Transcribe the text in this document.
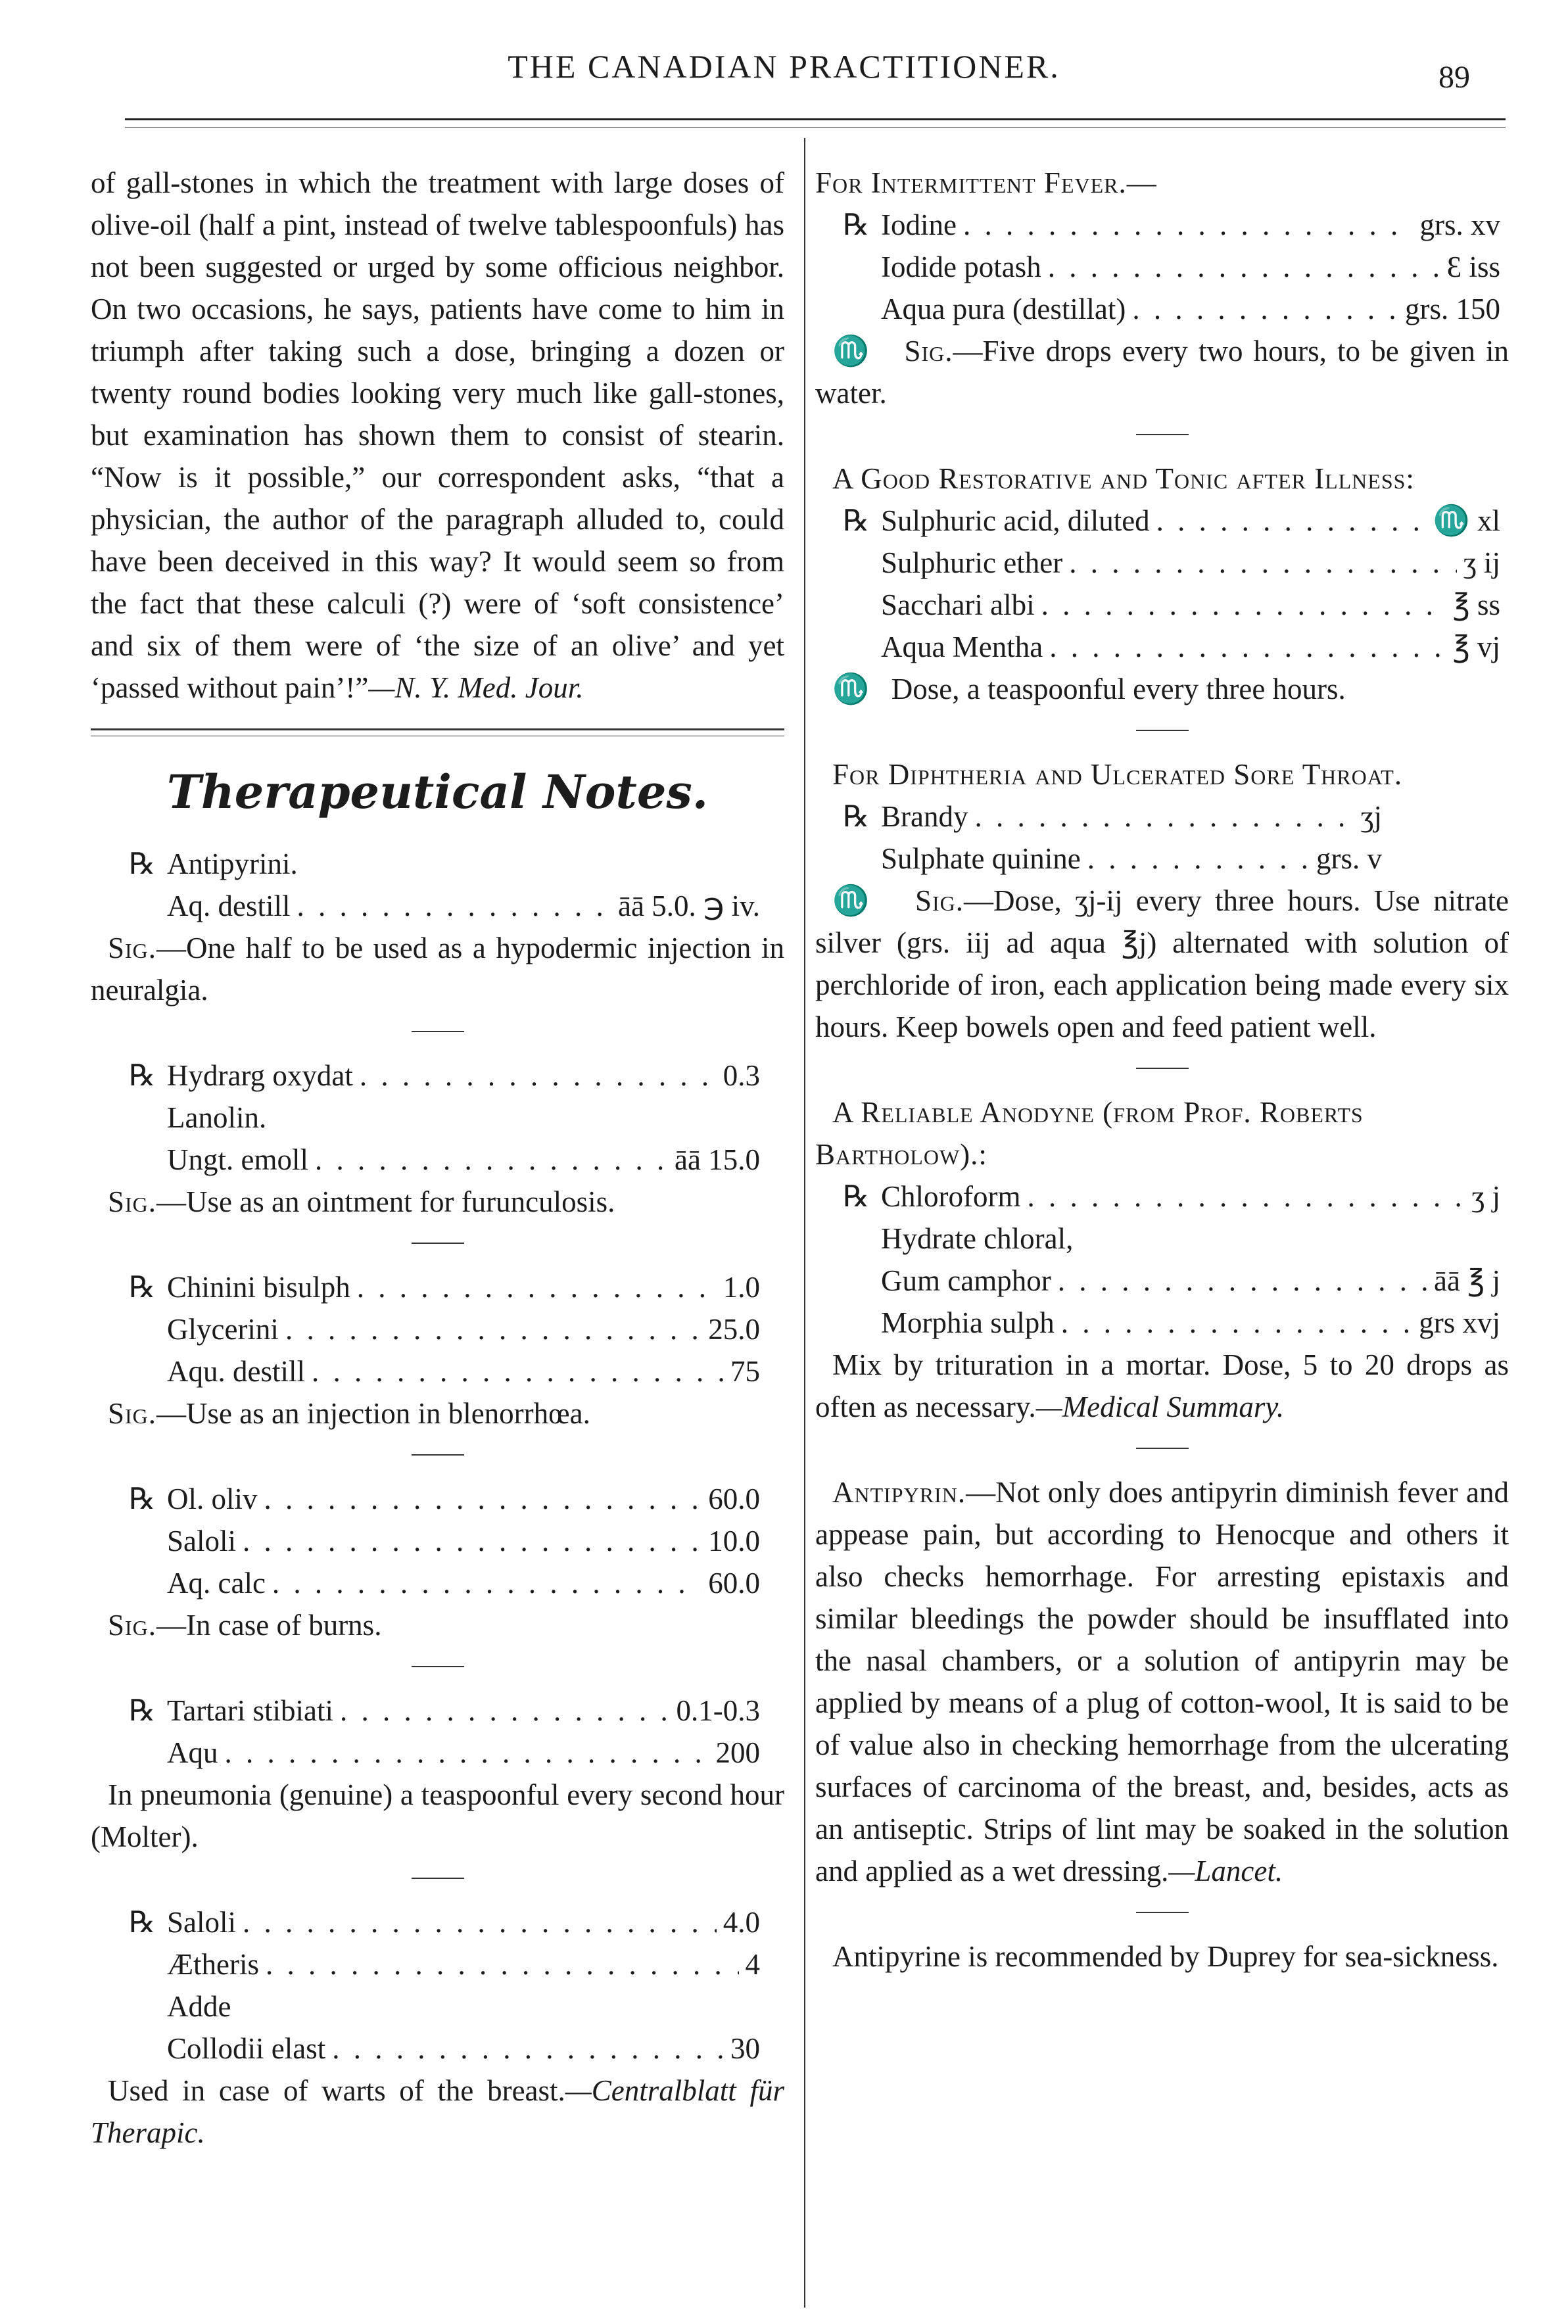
THE CANADIAN PRACTITIONER.	89

of gall-stones in which the treatment with large doses of olive-oil (half a pint, instead of twelve tablespoonfuls) has not been suggested or urged by some officious neighbor. On two occasions, he says, patients have come to him in triumph after taking such a dose, bringing a dozen or twenty round bodies looking very much like gall-stones, but examination has shown them to consist of stearin. “Now is it possible,” our correspondent asks, “that a physician, the author of the paragraph alluded to, could have been deceived in this way? It would seem so from the fact that these calculi (?) were of ‘soft consistence’ and six of them were of ‘the size of an olive’ and yet ‘passed without pain’!”—N. Y. Med. Jour.

Therapeutical Notes.
℞ Antipyrini.
Aq. destill . . .	āā 5.0. ℈ iv.

Sig.—One half to be used as a hypodermic injection in neuralgia.

℞ Hydrarg oxydat . . .	0.3
Lanolin.
Ungt. emoll . . .	āā 15.0

Sig.—Use as an ointment for furunculosis.

℞ Chinini bisulph . . .	1.0
Glycerini . . .	25.0
Aqu. destill . . .	75

Sig.—Use as an injection in blenorrhœa.

℞ Ol. oliv . . .	60.0
Saloli . . .	10.0
Aq. calc . . .	60.0

Sig.—In case of burns.

℞ Tartari stibiati . . .	0.1-0.3
Aqu . . .	200

In pneumonia (genuine) a teaspoonful every second hour (Molter).

℞ Saloli . . .	4.0
Ætheris . . .	4
Adde
Collodii elast . . .	30

Used in case of warts of the breast.—Centralblatt für Therapic.

For Intermittent Fever.—

℞ Iodine . . .	grs. xv
Iodide potash . . .	Ɛ iss
Aqua pura (destillat) . . .	grs. 150

♏ Sig.—Five drops every two hours, to be given in water.

A Good Restorative and Tonic after Illness:

℞ Sulphuric acid, diluted . . .	♏ xl
Sulphuric ether . . .	ʒ ij
Sacchari albi . . .	℥ ss
Aqua Mentha . . .	℥ vj

♏ Dose, a teaspoonful every three hours.

For Diphtheria and Ulcerated Sore Throat.

℞ Brandy . . .	ʒj
Sulphate quinine . . .	grs. v

♏ Sig.—Dose, ʒj-ij every three hours. Use nitrate silver (grs. iij ad aqua ℥j) alternated with solution of perchloride of iron, each application being made every six hours. Keep bowels open and feed patient well.

A Reliable Anodyne (from Prof. Roberts Bartholow).:

℞ Chloroform . . .	ʒ j
Hydrate chloral,
Gum camphor . . .	āā ℥ j
Morphia sulph . . .	grs xvj

Mix by trituration in a mortar. Dose, 5 to 20 drops as often as necessary.—Medical Summary.

Antipyrin.—Not only does antipyrin diminish fever and appease pain, but according to Henocque and others it also checks hemorrhage. For arresting epistaxis and similar bleedings the powder should be insufflated into the nasal chambers, or a solution of antipyrin may be applied by means of a plug of cotton-wool, It is said to be of value also in checking hemorrhage from the ulcerating surfaces of carcinoma of the breast, and, besides, acts as an antiseptic. Strips of lint may be soaked in the solution and applied as a wet dressing.—Lancet.

Antipyrine is recommended by Duprey for sea-sickness.
